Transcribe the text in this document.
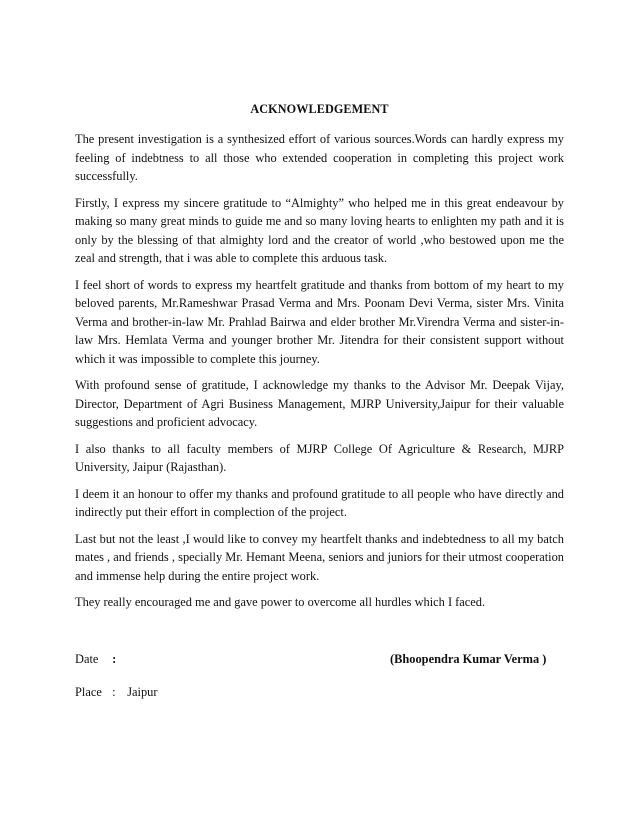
ACKNOWLEDGEMENT

The present investigation is a synthesized effort of various sources.Words can hardly express my feeling of indebtness to all those who extended cooperation in completing this project work successfully.

Firstly, I express my sincere gratitude to “Almighty” who helped me in this great endeavour by making so many great minds to guide me and so many loving hearts to enlighten my path and it is only by the blessing of that almighty lord and the creator of world ,who bestowed upon me the zeal and strength, that i was able to complete this arduous task.

I feel short of words to express my heartfelt gratitude and thanks from bottom of my heart to my beloved parents, Mr.Rameshwar Prasad Verma and Mrs. Poonam Devi Verma, sister Mrs. Vinita Verma and brother-in-law Mr. Prahlad Bairwa and elder brother Mr.Virendra Verma and sister-in-law Mrs. Hemlata Verma and younger brother Mr. Jitendra for their consistent support without which it was impossible to complete this journey.

With profound sense of gratitude, I acknowledge my thanks to the Advisor Mr. Deepak Vijay, Director, Department of Agri Business Management, MJRP University,Jaipur for their valuable suggestions and proficient advocacy.

I also thanks to all faculty members of MJRP College Of Agriculture & Research, MJRP University, Jaipur (Rajasthan).

I deem it an honour to offer my thanks and profound gratitude to all people who have directly and indirectly put their effort in complection of the project.

Last but not the least ,I would like to convey my heartfelt thanks and indebtedness to all my batch mates , and friends , specially Mr. Hemant Meena, seniors and juniors for their utmost cooperation and immense help during the entire project work.

They really encouraged me and gave power to overcome all hurdles which I faced.

Date :	(Bhoopendra Kumar Verma )
Place : Jaipur
